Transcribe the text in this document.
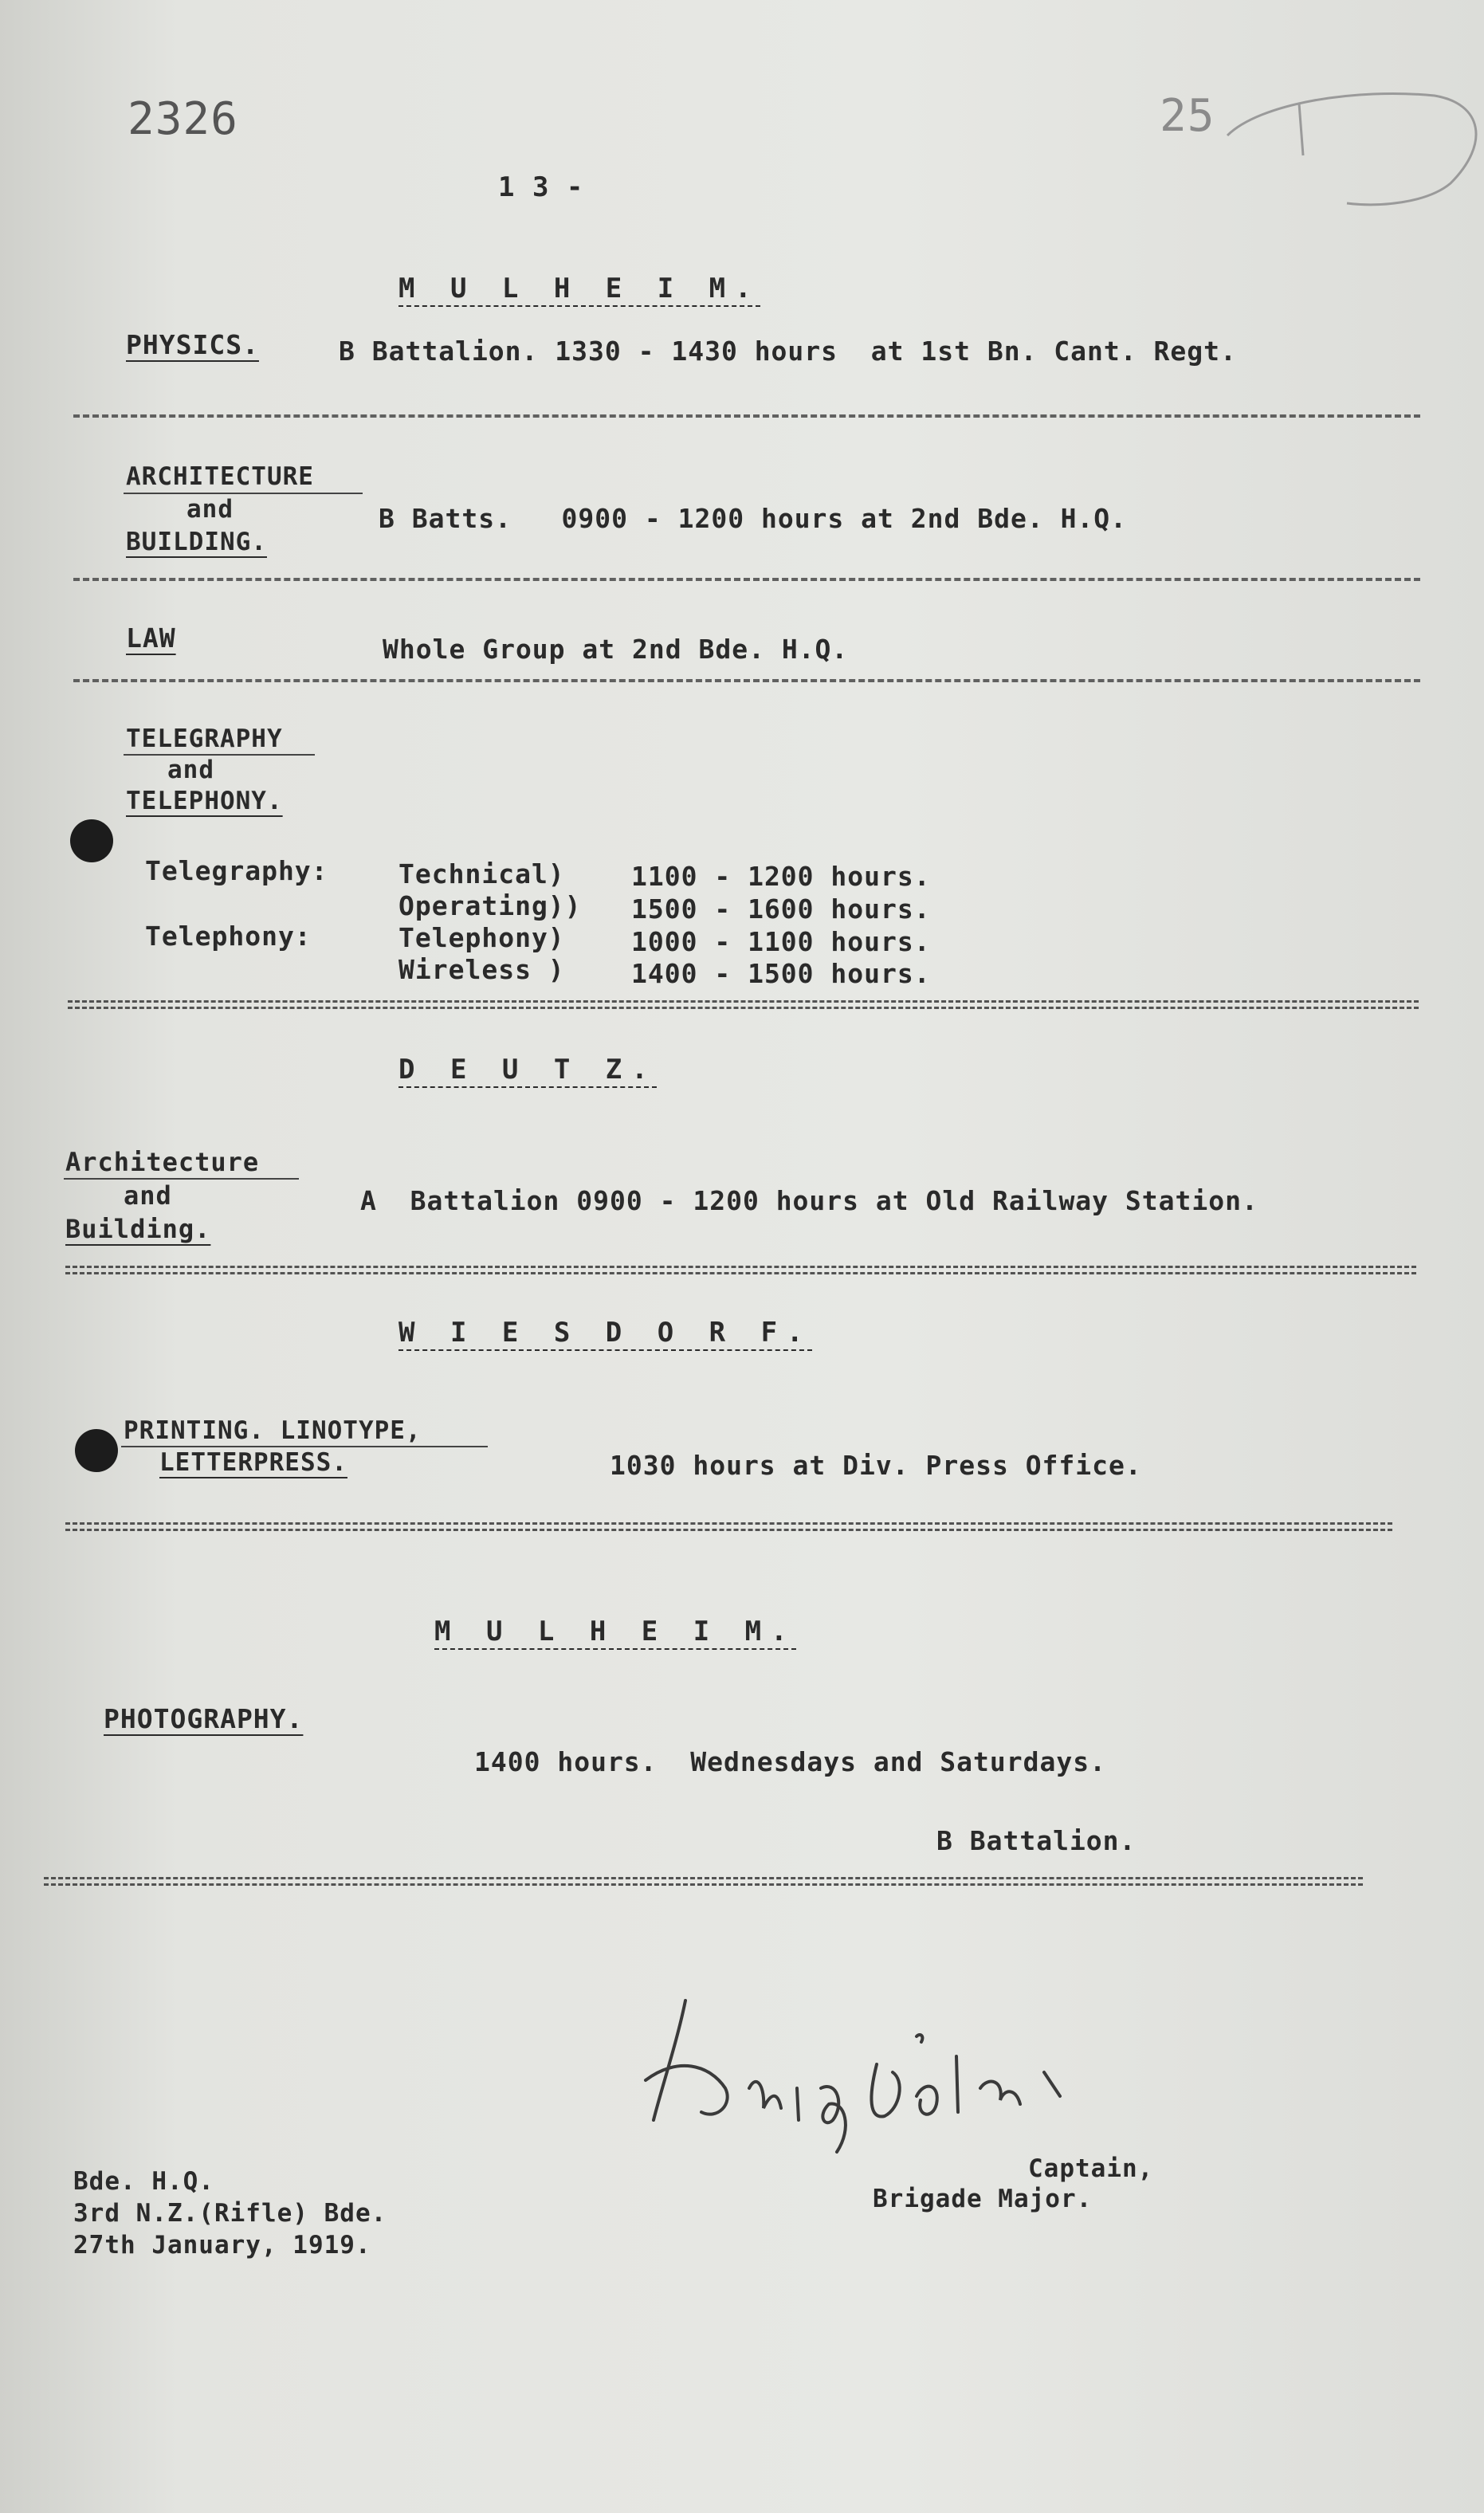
2326	25
1 3 -
M U L H E I M.
PHYSICS.	B Battalion. 1330 - 1430 hours  at 1st Bn. Cant. Regt.
ARCHITECTURE
and
BUILDING.
B Batts.   0900 - 1200 hours at 2nd Bde. H.Q.
LAW	Whole Group at 2nd Bde. H.Q.
TELEGRAPHY
and
TELEPHONY.
Telegraphy:	Technical)	1100 - 1200 hours.
Operating)) 1500 - 1600 hours.
Telephony:	Telephony)	1000 - 1100 hours.
Wireless )	1400 - 1500 hours.
D E U T Z.
Architecture
and
Building.
A  Battalion 0900 - 1200 hours at Old Railway Station.
W I E S D O R F.
PRINTING. LINOTYPE,
LETTERPRESS.	1030 hours at Div. Press Office.
M U L H E I M.
PHOTOGRAPHY.
1400 hours.  Wednesdays and Saturdays.
B Battalion.
Bde. H.Q.
3rd N.Z.(Rifle) Bde.
27th January, 1919.
Captain,
Brigade Major.
